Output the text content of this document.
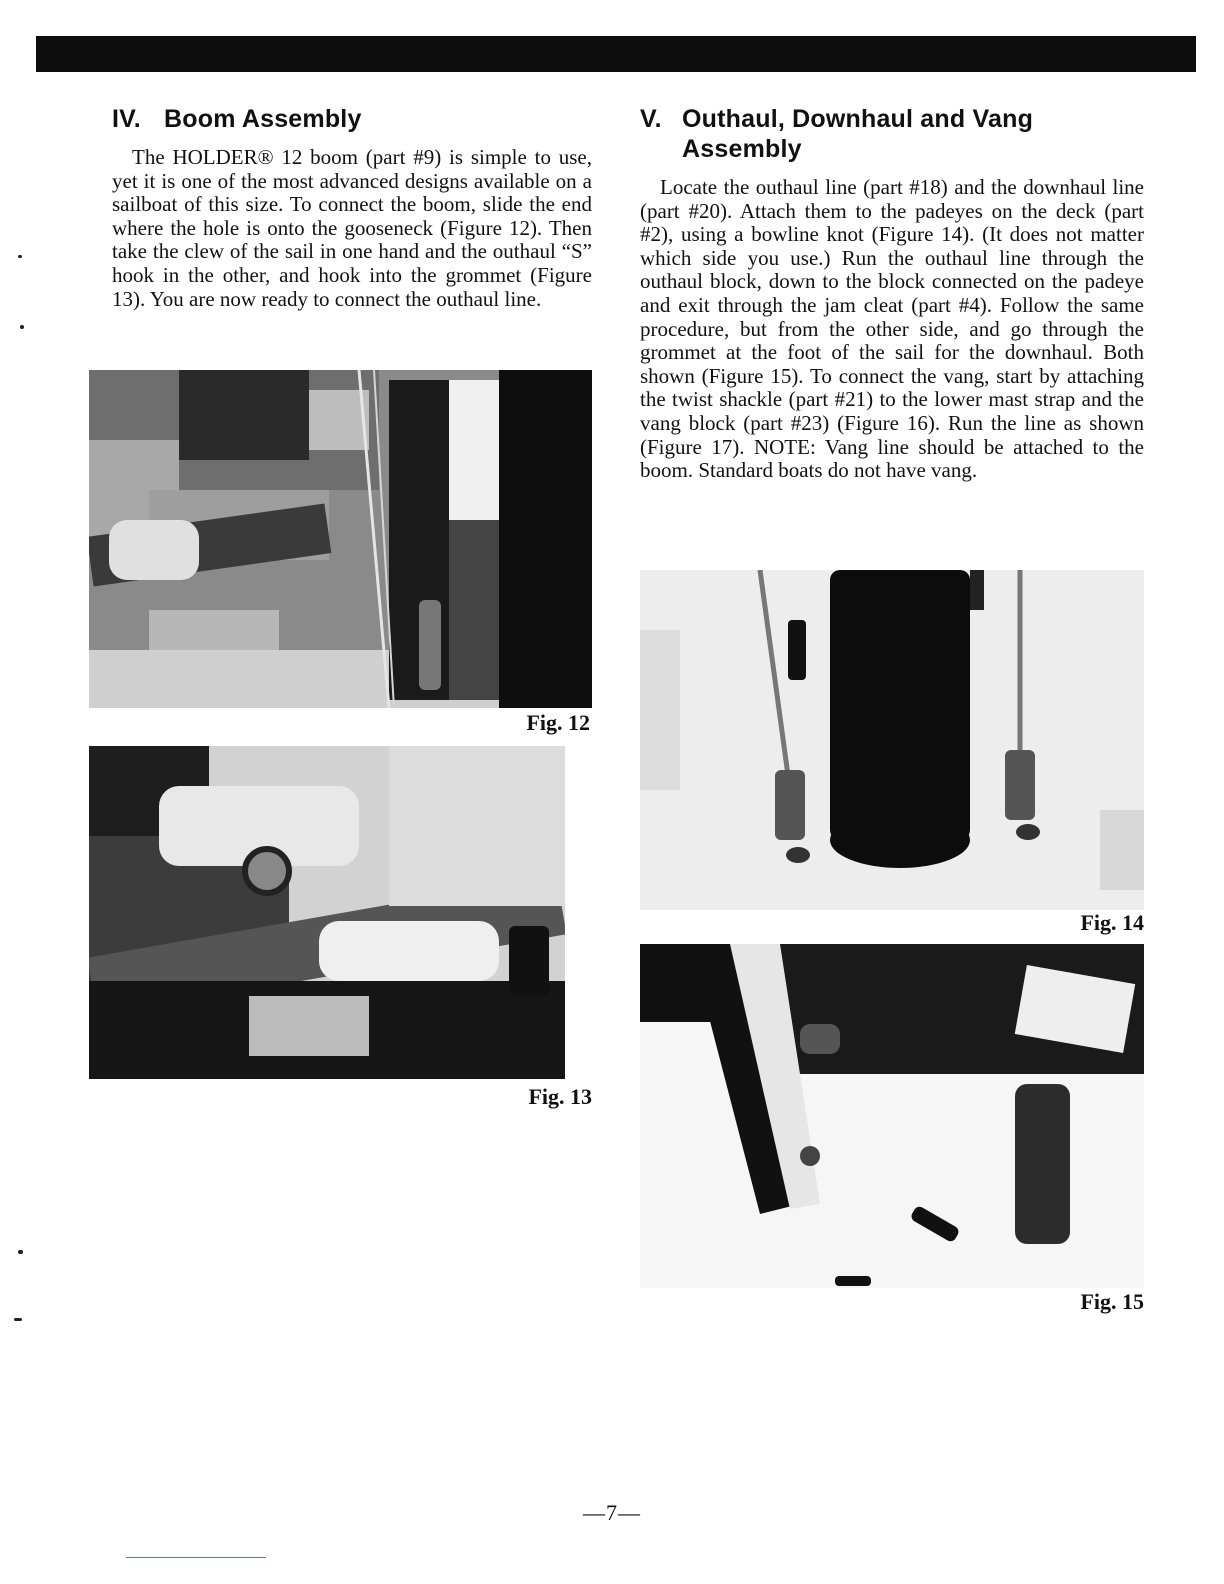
IV. Boom Assembly

The HOLDER® 12 boom (part #9) is simple to use, yet it is one of the most advanced designs available on a sailboat of this size. To connect the boom, slide the end where the hole is onto the gooseneck (Figure 12). Then take the clew of the sail in one hand and the outhaul “S” hook in the other, and hook into the grommet (Figure 13). You are now ready to connect the outhaul line.

Fig. 12
Fig. 13
V. Outhaul, Downhaul and Vang Assembly

Locate the outhaul line (part #18) and the downhaul line (part #20). Attach them to the padeyes on the deck (part #2), using a bowline knot (Figure 14). (It does not matter which side you use.) Run the outhaul line through the outhaul block, down to the block connected on the padeye and exit through the jam cleat (part #4). Follow the same procedure, but from the other side, and go through the grommet at the foot of the sail for the downhaul. Both shown (Figure 15). To connect the vang, start by attaching the twist shackle (part #21) to the lower mast strap and the vang block (part #23) (Figure 16). Run the line as shown (Figure 17). NOTE: Vang line should be attached to the boom. Standard boats do not have vang.

Fig. 14
Fig. 15
—7—
